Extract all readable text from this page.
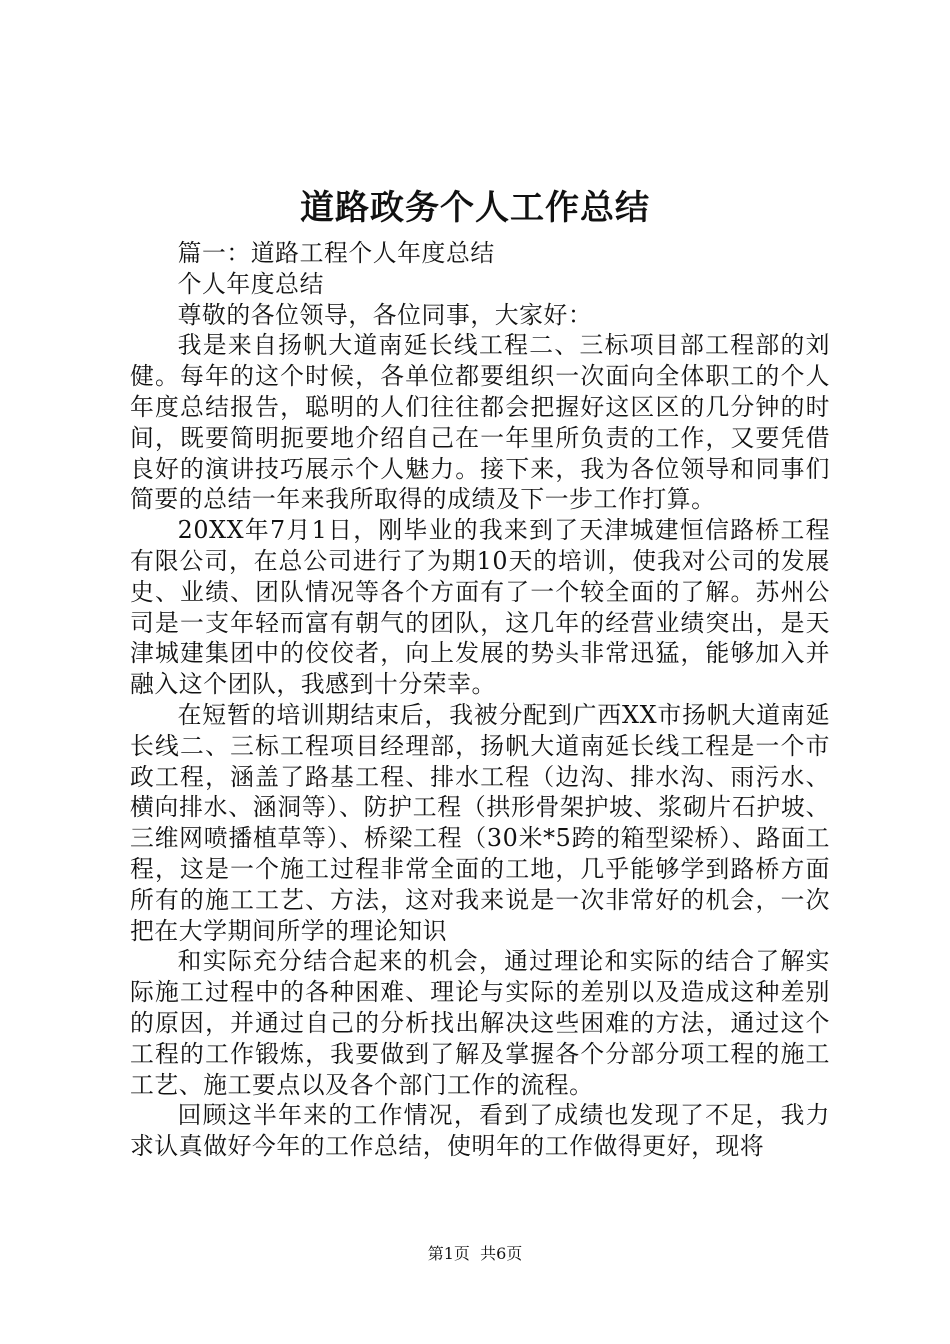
道路政务个人工作总结

篇一：道路工程个人年度总结

个人年度总结

尊敬的各位领导，各位同事，大家好：

我是来自扬帆大道南延长线工程二、三标项目部工程部的刘健。每年的这个时候，各单位都要组织一次面向全体职工的个人年度总结报告，聪明的人们往往都会把握好这区区的几分钟的时间，既要简明扼要地介绍自己在一年里所负责的工作，又要凭借良好的演讲技巧展示个人魅力。接下来，我为各位领导和同事们简要的总结一年来我所取得的成绩及下一步工作打算。

20XX年7月1日，刚毕业的我来到了天津城建恒信路桥工程有限公司，在总公司进行了为期10天的培训，使我对公司的发展史、业绩、团队情况等各个方面有了一个较全面的了解。苏州公司是一支年轻而富有朝气的团队，这几年的经营业绩突出，是天津城建集团中的佼佼者，向上发展的势头非常迅猛，能够加入并融入这个团队，我感到十分荣幸。

在短暂的培训期结束后，我被分配到广西XX市扬帆大道南延长线二、三标工程项目经理部，扬帆大道南延长线工程是一个市政工程，涵盖了路基工程、排水工程（边沟、排水沟、雨污水、横向排水、涵洞等）、防护工程（拱形骨架护坡、浆砌片石护坡、三维网喷播植草等）、桥梁工程（30米*5跨的箱型梁桥）、路面工程，这是一个施工过程非常全面的工地，几乎能够学到路桥方面所有的施工工艺、方法，这对我来说是一次非常好的机会，一次把在大学期间所学的理论知识

和实际充分结合起来的机会，通过理论和实际的结合了解实际施工过程中的各种困难、理论与实际的差别以及造成这种差别的原因，并通过自己的分析找出解决这些困难的方法，通过这个工程的工作锻炼，我要做到了解及掌握各个分部分项工程的施工工艺、施工要点以及各个部门工作的流程。

回顾这半年来的工作情况，看到了成绩也发现了不足，我力求认真做好今年的工作总结，使明年的工作做得更好，现将

第1页 共6页
